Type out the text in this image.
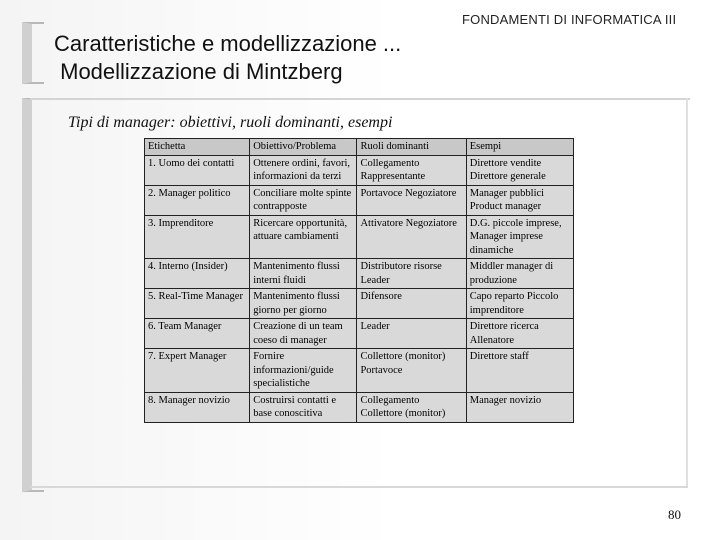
Caratteristiche e modellizzazione ...
Modellizzazione di Mintzberg
FONDAMENTI DI INFORMATICA III
Tipi di manager: obiettivi, ruoli dominanti, esempi
Etichetta	Obiettivo/Problema	Ruoli dominanti	Esempi
1. Uomo dei contatti	Ottenere ordini, favori, informazioni da terzi	Collegamento Rappresentante	Direttore vendite Direttore generale
2. Manager politico	Conciliare molte spinte contrapposte	Portavoce Negoziatore	Manager pubblici Product manager
3. Imprenditore	Ricercare opportunità, attuare cambiamenti	Attivatore Negoziatore	D.G. piccole imprese, Manager imprese dinamiche
4. Interno (Insider)	Mantenimento flussi interni fluidi	Distributore risorse Leader	Middler manager di produzione
5. Real-Time Manager	Mantenimento flussi giorno per giorno	Difensore	Capo reparto Piccolo imprenditore
6. Team Manager	Creazione di un team coeso di manager	Leader	Direttore ricerca Allenatore
7. Expert Manager	Fornire informazioni/guide specialistiche	Collettore (monitor) Portavoce	Direttore staff
8. Manager novizio	Costruirsi contatti e base conoscitiva	Collegamento Collettore (monitor)	Manager novizio
80
